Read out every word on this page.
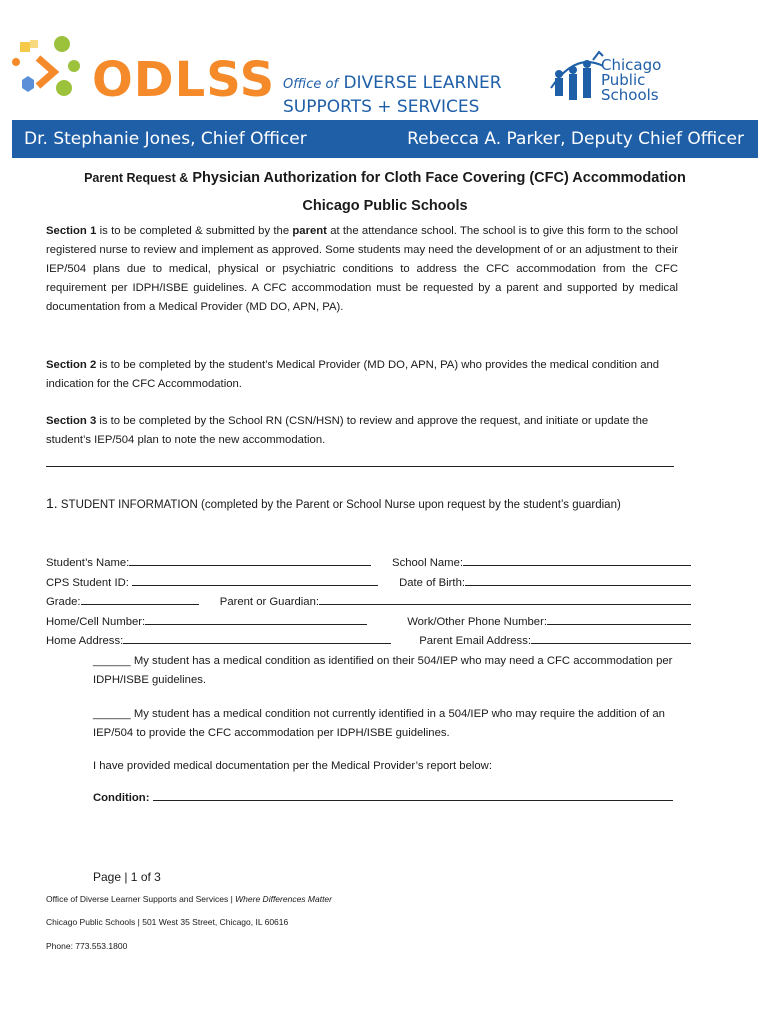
ODLSS Office of DIVERSE LEARNER
SUPPORTS + SERVICES
Chicago
Public
Schools
Dr. Stephanie Jones, Chief Officer	Rebecca A. Parker, Deputy Chief Officer
Parent Request & Physician Authorization for Cloth Face Covering (CFC) Accommodation
Chicago Public Schools
Section 1 is to be completed & submitted by the parent at the attendance school. The school is to give this form to the school registered nurse to review and implement as approved. Some students may need the development of or an adjustment to their IEP/504 plans due to medical, physical or psychiatric conditions to address the CFC accommodation from the CFC requirement per IDPH/ISBE guidelines. A CFC accommodation must be requested by a parent and supported by medical documentation from a Medical Provider (MD DO, APN, PA).
Section 2 is to be completed by the student’s Medical Provider (MD DO, APN, PA) who provides the medical condition and indication for the CFC Accommodation.
Section 3 is to be completed by the School RN (CSN/HSN) to review and approve the request, and initiate or update the student’s IEP/504 plan to note the new accommodation.
1. STUDENT INFORMATION (completed by the Parent or School Nurse upon request by the student’s guardian)
Student’s Name:	School Name:
CPS Student ID:	Date of Birth:
Grade:	Parent or Guardian:
Home/Cell Number:	Work/Other Phone Number:
Home Address:	Parent Email Address:
______ My student has a medical condition as identified on their 504/IEP who may need a CFC accommodation per IDPH/ISBE guidelines.
______ My student has a medical condition not currently identified in a 504/IEP who may require the addition of an IEP/504 to provide the CFC accommodation per IDPH/ISBE guidelines.
I have provided medical documentation per the Medical Provider’s report below:
Condition:
Page | 1 of 3
Office of Diverse Learner Supports and Services | Where Differences Matter
Chicago Public Schools | 501 West 35 Street, Chicago, IL 60616
Phone: 773.553.1800
